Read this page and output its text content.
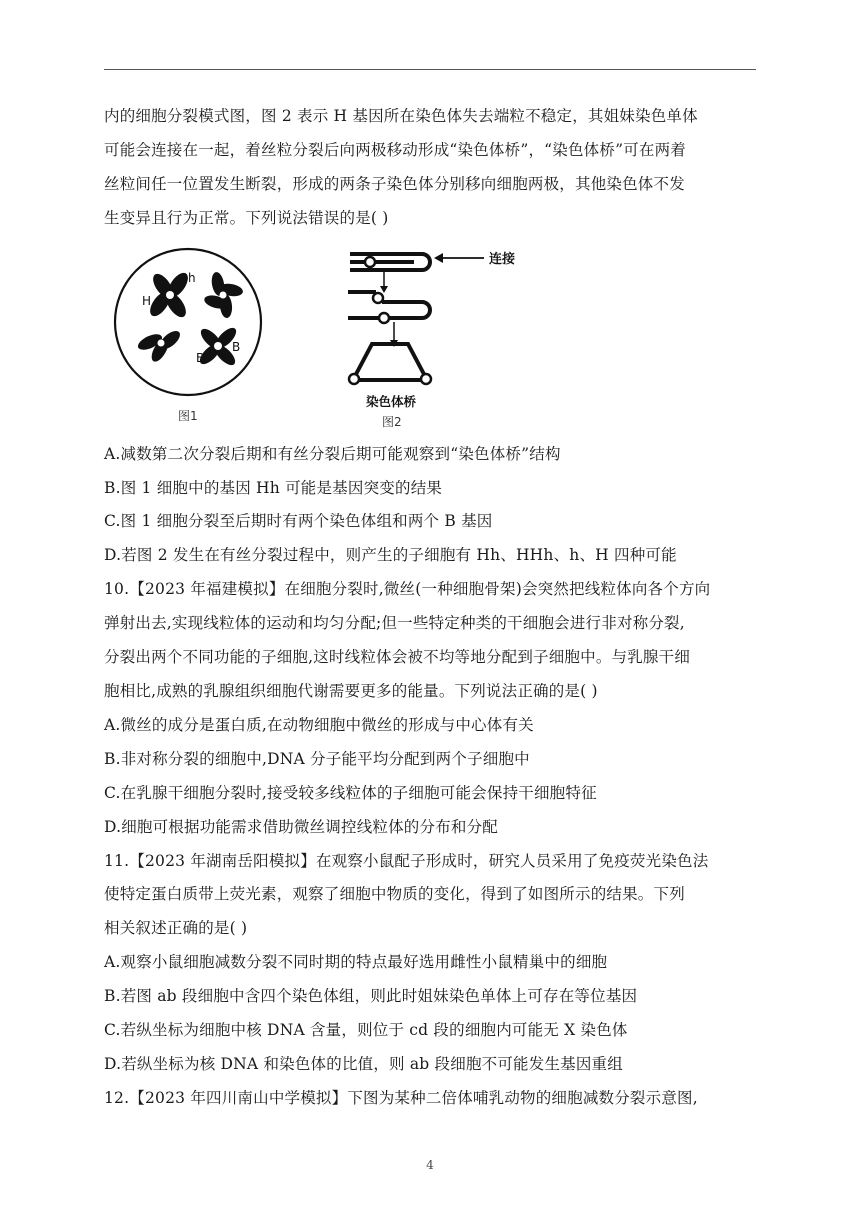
内的细胞分裂模式图，图 2 表示 H 基因所在染色体失去端粒不稳定，其姐妹染色单体
可能会连接在一起，着丝粒分裂后向两极移动形成“染色体桥”，“染色体桥”可在两着
丝粒间任一位置发生断裂，形成的两条子染色体分别移向细胞两极，其他染色体不发
生变异且行为正常。下列说法错误的是( )
h
H
B
B
图1
连接
染色体桥
图2
A.减数第二次分裂后期和有丝分裂后期可能观察到“染色体桥”结构
B.图 1 细胞中的基因 Hh 可能是基因突变的结果
C.图 1 细胞分裂至后期时有两个染色体组和两个 B 基因
D.若图 2 发生在有丝分裂过程中，则产生的子细胞有 Hh、HHh、h、H 四种可能
10.【2023 年福建模拟】在细胞分裂时,微丝(一种细胞骨架)会突然把线粒体向各个方向
弹射出去,实现线粒体的运动和均匀分配;但一些特定种类的干细胞会进行非对称分裂,
分裂出两个不同功能的子细胞,这时线粒体会被不均等地分配到子细胞中。与乳腺干细
胞相比,成熟的乳腺组织细胞代谢需要更多的能量。下列说法正确的是( )
A.微丝的成分是蛋白质,在动物细胞中微丝的形成与中心体有关
B.非对称分裂的细胞中,DNA 分子能平均分配到两个子细胞中
C.在乳腺干细胞分裂时,接受较多线粒体的子细胞可能会保持干细胞特征
D.细胞可根据功能需求借助微丝调控线粒体的分布和分配
11.【2023 年湖南岳阳模拟】在观察小鼠配子形成时，研究人员采用了免疫荧光染色法
使特定蛋白质带上荧光素，观察了细胞中物质的变化，得到了如图所示的结果。下列
相关叙述正确的是( )
A.观察小鼠细胞减数分裂不同时期的特点最好选用雌性小鼠精巢中的细胞
B.若图 ab 段细胞中含四个染色体组，则此时姐妹染色单体上可存在等位基因
C.若纵坐标为细胞中核 DNA 含量，则位于 cd 段的细胞内可能无 X 染色体
D.若纵坐标为核 DNA 和染色体的比值，则 ab 段细胞不可能发生基因重组
12.【2023 年四川南山中学模拟】下图为某种二倍体哺乳动物的细胞减数分裂示意图,
4
